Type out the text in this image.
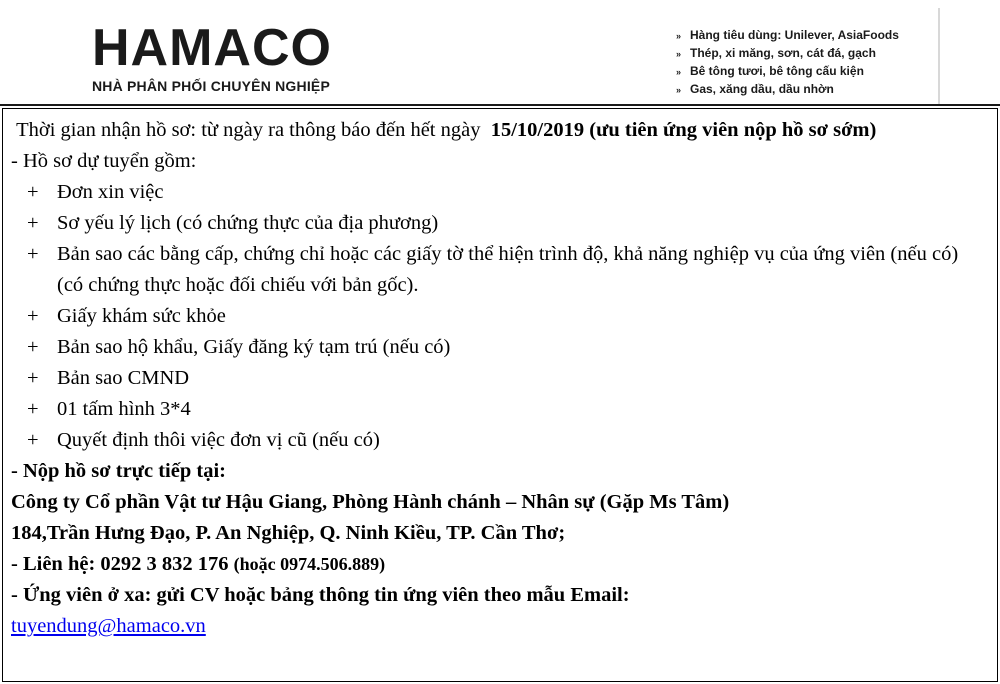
HAMACO
NHÀ PHÂN PHỐI CHUYÊN NGHIỆP
» Hàng tiêu dùng: Unilever, AsiaFoods
» Thép, xi măng, sơn, cát đá, gạch
» Bê tông tươi, bê tông cấu kiện
» Gas, xăng dầu, dầu nhờn

Thời gian nhận hồ sơ: từ ngày ra thông báo đến hết ngày 15/10/2019 (ưu tiên ứng viên nộp hồ sơ sớm)

- Hồ sơ dự tuyển gồm:

+ Đơn xin việc

+ Sơ yếu lý lịch (có chứng thực của địa phương)

+ Bản sao các bằng cấp, chứng chỉ hoặc các giấy tờ thể hiện trình độ, khả năng nghiệp vụ của ứng viên (nếu có) (có chứng thực hoặc đối chiếu với bản gốc).

+ Giấy khám sức khỏe

+ Bản sao hộ khẩu, Giấy đăng ký tạm trú (nếu có)

+ Bản sao CMND

+ 01 tấm hình 3*4

+ Quyết định thôi việc đơn vị cũ (nếu có)

- Nộp hồ sơ trực tiếp tại:

Công ty Cổ phần Vật tư Hậu Giang, Phòng Hành chánh – Nhân sự (Gặp Ms Tâm)

184,Trần Hưng Đạo, P. An Nghiệp, Q. Ninh Kiều, TP. Cần Thơ;

- Liên hệ: 0292 3 832 176 (hoặc 0974.506.889)

- Ứng viên ở xa: gửi CV hoặc bảng thông tin ứng viên theo mẫu Email:

tuyendung@hamaco.vn
